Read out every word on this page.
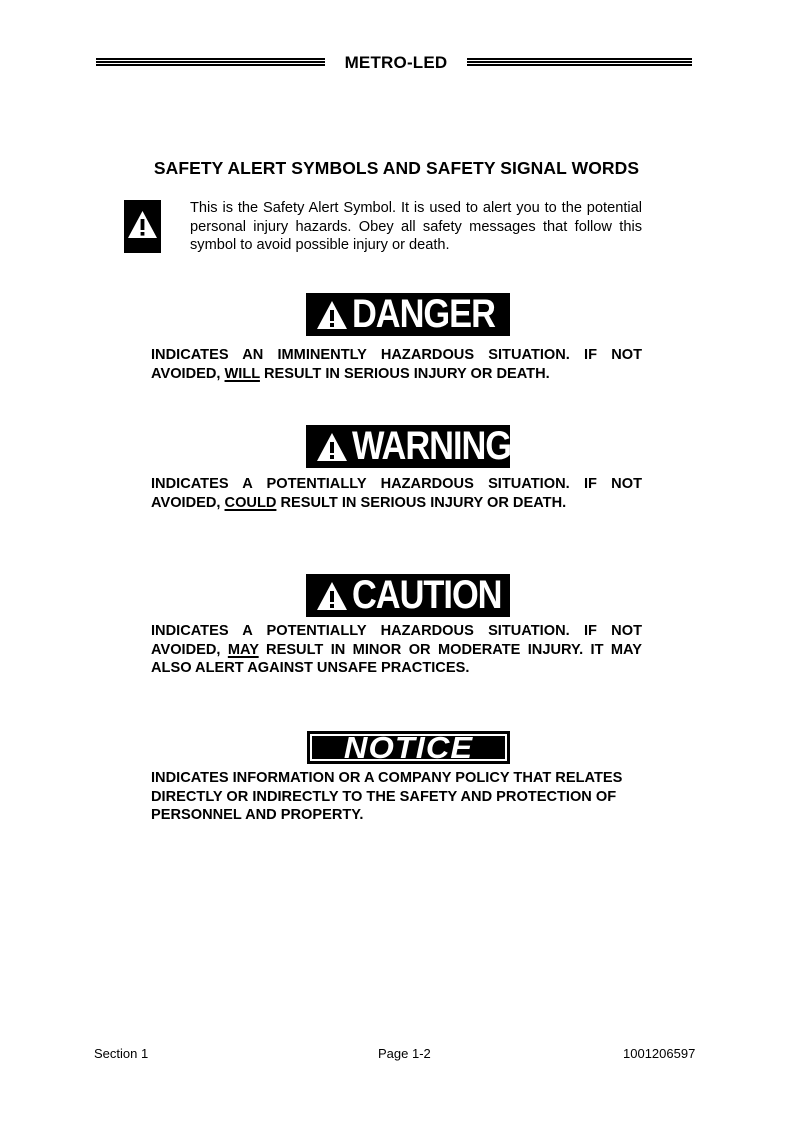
METRO-LED
SAFETY ALERT SYMBOLS AND SAFETY SIGNAL WORDS
This is the Safety Alert Symbol. It is used to alert you to the potential personal injury hazards. Obey all safety messages that follow this symbol to avoid possible injury or death.
DANGER
INDICATES AN IMMINENTLY HAZARDOUS SITUATION. IF NOT
AVOIDED, WILL RESULT IN SERIOUS INJURY OR DEATH.
WARNING
INDICATES A POTENTIALLY HAZARDOUS SITUATION. IF NOT
AVOIDED, COULD RESULT IN SERIOUS INJURY OR DEATH.
CAUTION
INDICATES A POTENTIALLY HAZARDOUS SITUATION. IF NOT
AVOIDED, MAY RESULT IN MINOR OR MODERATE INJURY. IT MAY ALSO ALERT AGAINST UNSAFE PRACTICES.
NOTICE
INDICATES INFORMATION OR A COMPANY POLICY THAT RELATES DIRECTLY OR INDIRECTLY TO THE SAFETY AND PROTECTION OF PERSONNEL AND PROPERTY.
Section 1	Page 1-2	1001206597
